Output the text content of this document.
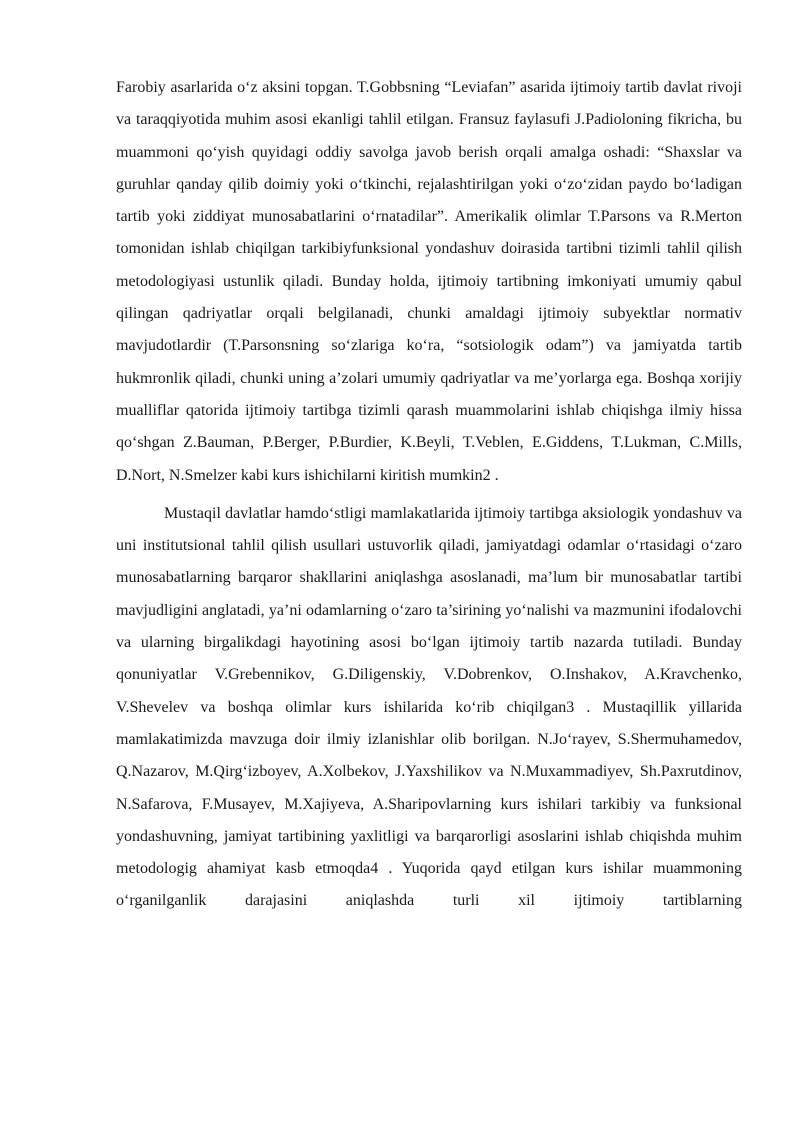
Farobiy asarlarida o‘z aksini topgan. T.Gobbsning “Leviafan” asarida ijtimoiy tartib davlat rivoji va taraqqiyotida muhim asosi ekanligi tahlil etilgan. Fransuz faylasufi J.Padioloning fikricha, bu muammoni qo‘yish quyidagi oddiy savolga javob berish orqali amalga oshadi: “Shaxslar va guruhlar qanday qilib doimiy yoki o‘tkinchi, rejalashtirilgan yoki o‘zo‘zidan paydo bo‘ladigan tartib yoki ziddiyat munosabatlarini o‘rnatadilar”. Amerikalik olimlar T.Parsons va R.Merton tomonidan ishlab chiqilgan tarkibiyfunksional yondashuv doirasida tartibni tizimli tahlil qilish metodologiyasi ustunlik qiladi. Bunday holda, ijtimoiy tartibning imkoniyati umumiy qabul qilingan qadriyatlar orqali belgilanadi, chunki amaldagi ijtimoiy subyektlar normativ mavjudotlardir (T.Parsonsning so‘zlariga ko‘ra, “sotsiologik odam”) va jamiyatda tartib hukmronlik qiladi, chunki uning a’zolari umumiy qadriyatlar va me’yorlarga ega. Boshqa xorijiy mualliflar qatorida ijtimoiy tartibga tizimli qarash muammolarini ishlab chiqishga ilmiy hissa qo‘shgan Z.Bauman, P.Berger, P.Burdier, K.Beyli, T.Veblen, E.Giddens, T.Lukman, C.Mills, D.Nort, N.Smelzer kabi kurs ishichilarni kiritish mumkin2 .

Mustaqil davlatlar hamdo‘stligi mamlakatlarida ijtimoiy tartibga aksiologik yondashuv va uni institutsional tahlil qilish usullari ustuvorlik qiladi, jamiyatdagi odamlar o‘rtasidagi o‘zaro munosabatlarning barqaror shakllarini aniqlashga asoslanadi, ma’lum bir munosabatlar tartibi mavjudligini anglatadi, ya’ni odamlarning o‘zaro ta’sirining yo‘nalishi va mazmunini ifodalovchi va ularning birgalikdagi hayotining asosi bo‘lgan ijtimoiy tartib nazarda tutiladi. Bunday qonuniyatlar V.Grebennikov, G.Diligenskiy, V.Dobrenkov, O.Inshakov, A.Kravchenko, V.Shevelev va boshqa olimlar kurs ishilarida ko‘rib chiqilgan3 . Mustaqillik yillarida mamlakatimizda mavzuga doir ilmiy izlanishlar olib borilgan. N.Jo‘rayev, S.Shermuhamedov, Q.Nazarov, M.Qirg‘izboyev, A.Xolbekov, J.Yaxshilikov va N.Muxammadiyev, Sh.Paxrutdinov, N.Safarova, F.Musayev, M.Xajiyeva, A.Sharipovlarning kurs ishilari tarkibiy va funksional yondashuvning, jamiyat tartibining yaxlitligi va barqarorligi asoslarini ishlab chiqishda muhim metodologig ahamiyat kasb etmoqda4 . Yuqorida qayd etilgan kurs ishilar muammoning o‘rganilganlik darajasini aniqlashda turli xil ijtimoiy tartiblarning
